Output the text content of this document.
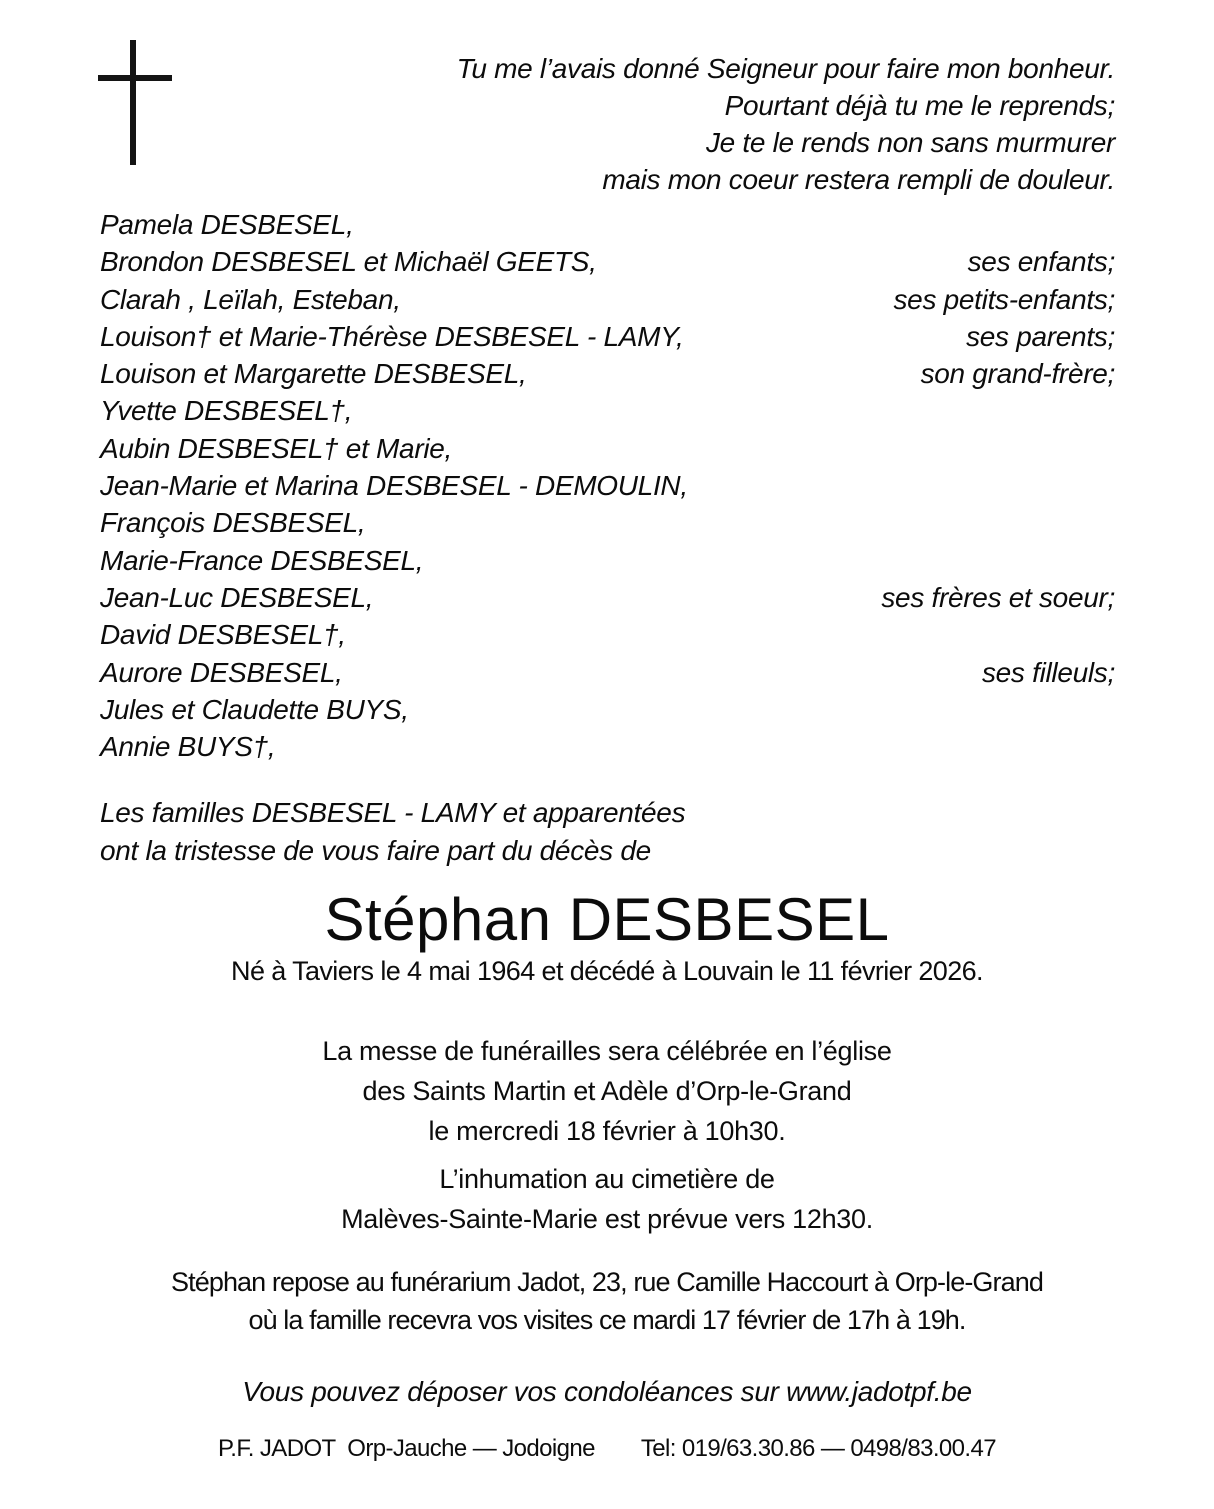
Tu me l’avais donné Seigneur pour faire mon bonheur.
Pourtant déjà tu me le reprends;
Je te le rends non sans murmurer
mais mon coeur restera rempli de douleur.
Pamela DESBESEL,
Brondon DESBESEL et Michaël GEETS,	ses enfants;
Clarah , Leïlah, Esteban,	ses petits-enfants;
Louison† et Marie-Thérèse DESBESEL - LAMY,	ses parents;
Louison et Margarette DESBESEL,	son grand-frère;
Yvette DESBESEL†,
Aubin DESBESEL† et Marie,
Jean-Marie et Marina DESBESEL - DEMOULIN,
François DESBESEL,
Marie-France DESBESEL,
Jean-Luc DESBESEL,	ses frères et soeur;
David DESBESEL†,
Aurore DESBESEL,	ses filleuls;
Jules et Claudette BUYS,
Annie BUYS†,
Les familles DESBESEL - LAMY et apparentées
ont la tristesse de vous faire part du décès de
Stéphan DESBESEL
Né à Taviers le 4 mai 1964 et décédé à Louvain le 11 février 2026.
La messe de funérailles sera célébrée en l’église
des Saints Martin et Adèle d’Orp-le-Grand
le mercredi 18 février à 10h30.
L’inhumation au cimetière de
Malèves-Sainte-Marie est prévue vers 12h30.
Stéphan repose au funérarium Jadot, 23, rue Camille Haccourt à Orp-le-Grand
où la famille recevra vos visites ce mardi 17 février de 17h à 19h.
Vous pouvez déposer vos condoléances sur www.jadotpf.be
P.F. JADOT  Orp-Jauche — Jodoigne Tel: 019/63.30.86 — 0498/83.00.47
